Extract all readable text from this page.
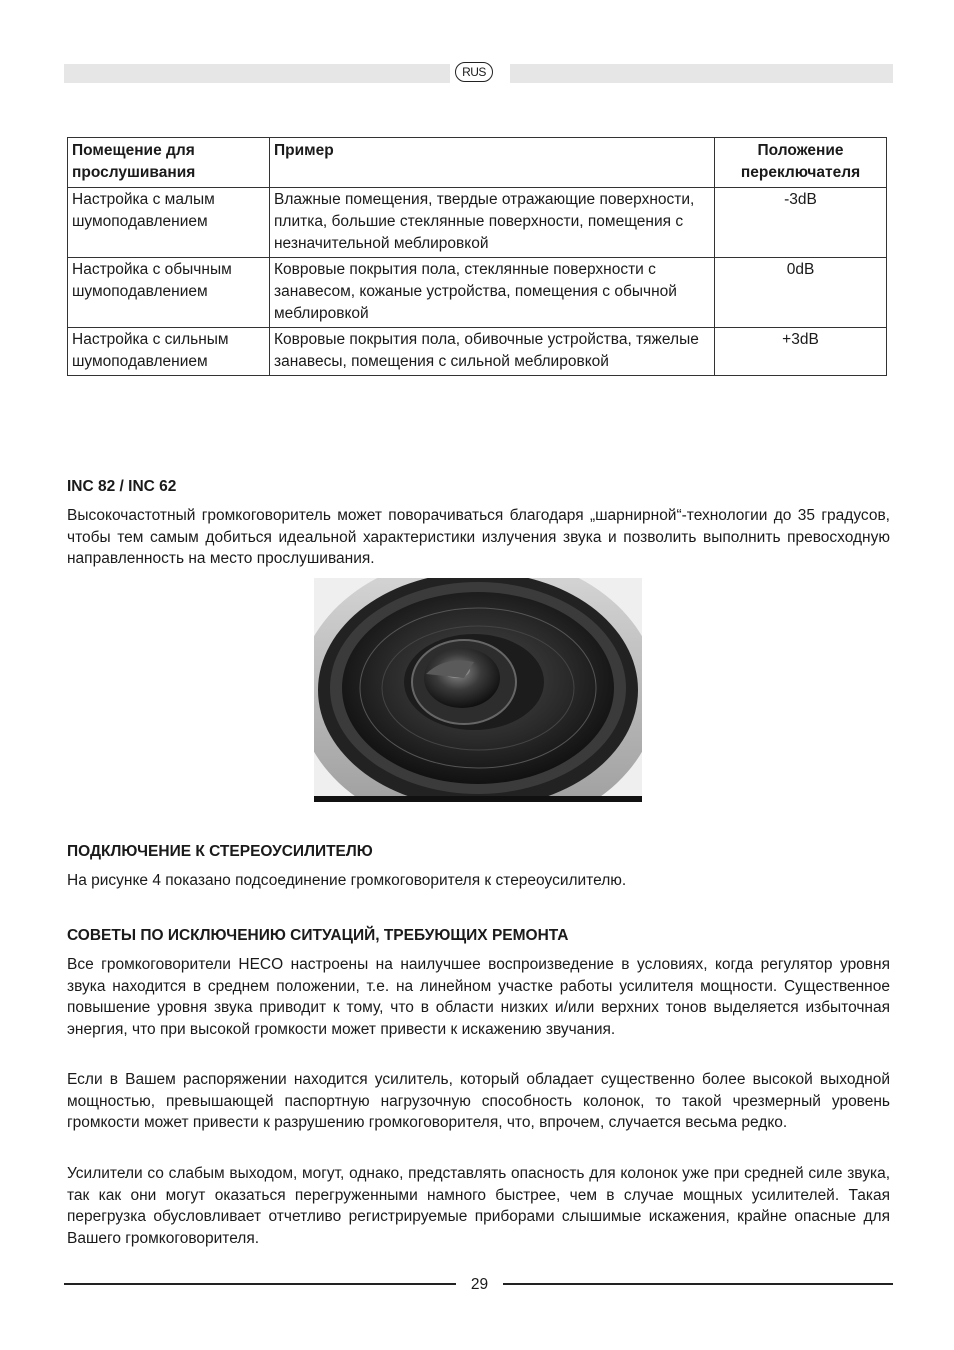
RUS
Помещение для прослушивания	Пример	Положение переключателя
Настройка с малым шумоподавлением	Влажные помещения, твердые отражающие поверхности, плитка, большие стеклянные поверхности, помещения с незначительной меблировкой	-3dB
Настройка с обычным шумоподавлением	Ковровые покрытия пола, стеклянные поверхности с занавесом, кожаные устройства, помещения с обычной меблировкой	0dB
Настройка с сильным шумоподавлением	Ковровые покрытия пола, обивочные устройства, тяжелые занавесы, помещения с сильной меблировкой	+3dB
INC 82 / INC 62

Высокочастотный громкоговоритель может поворачиваться благодаря „шарнирной“-технологии до 35 градусов, чтобы тем самым добиться идеальной характеристики излучения звука и позволить выполнить превосходную направленность на место прослушивания.

ПОДКЛЮЧЕНИЕ К СТЕРЕОУСИЛИТЕЛЮ

На рисунке 4 показано подсоединение громкоговорителя к стереоусилителю.

СОВЕТЫ ПО ИСКЛЮЧЕНИЮ СИТУАЦИЙ, ТРЕБУЮЩИХ РЕМОНТА

Все громкоговорители HECO настроены на наилучшее воспроизведение в условиях, когда регулятор уровня звука находится в среднем положении, т.е. на линейном участке работы усилителя мощности. Существенное повышение уровня звука приводит к тому, что в области низких и/или верхних тонов выделяется избыточная энергия, что при высокой громкости может привести к искажению звучания.

Если в Вашем распоряжении находится усилитель, который обладает существенно более высокой выходной мощностью, превышающей паспортную нагрузочную способность колонок, то такой чрезмерный уровень громкости может привести к разрушению громкоговорителя, что, впрочем, случается весьма редко.

Усилители со слабым выходом, могут, однако, представлять опасность для колонок уже при средней силе звука, так как они могут оказаться перегруженными намного быстрее, чем в случае мощных усилителей. Такая перегрузка обусловливает отчетливо регистрируемые приборами слышимые искажения, крайне опасные для Вашего громкоговорителя.

29
